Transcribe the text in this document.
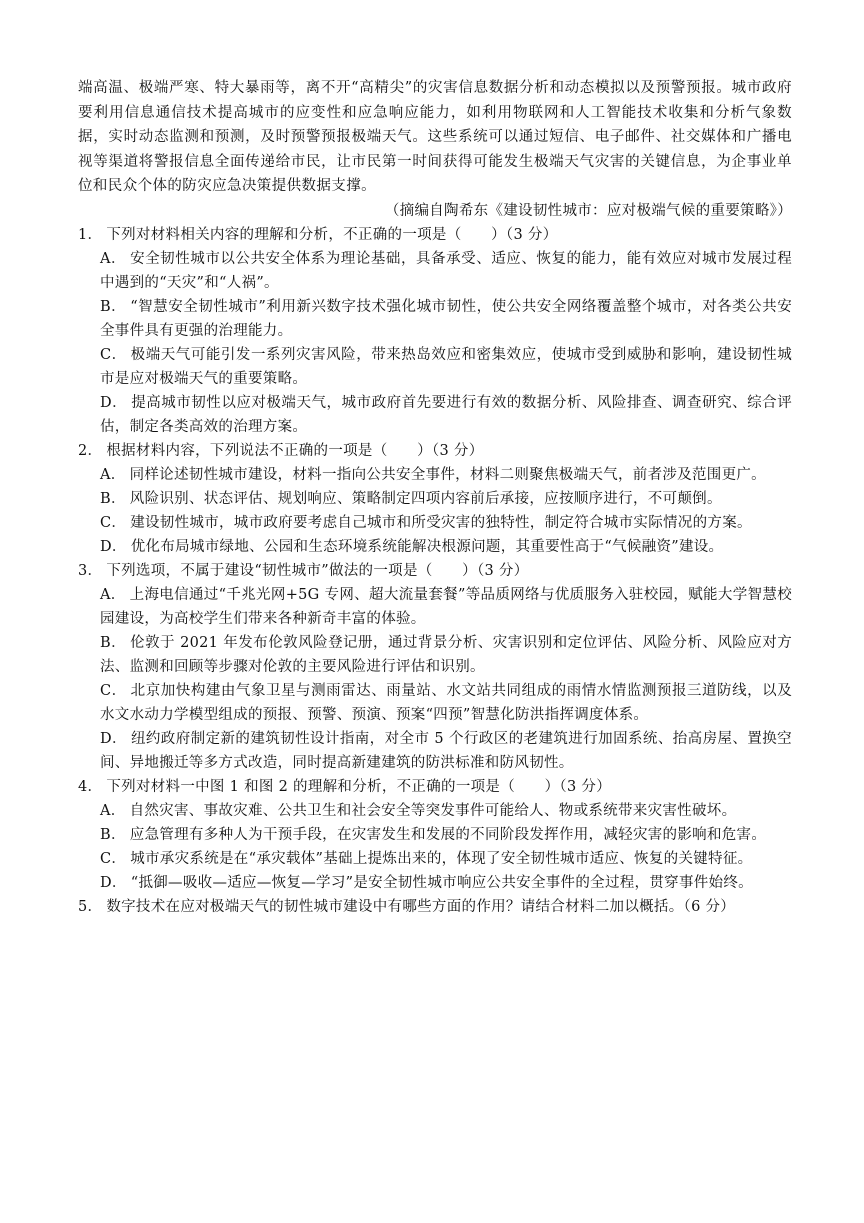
端高温、极端严寒、特大暴雨等，离不开“高精尖”的灾害信息数据分析和动态模拟以及预警预报。城市政府要利用信息通信技术提高城市的应变性和应急响应能力，如利用物联网和人工智能技术收集和分析气象数据，实时动态监测和预测，及时预警预报极端天气。这些系统可以通过短信、电子邮件、社交媒体和广播电视等渠道将警报信息全面传递给市民，让市民第一时间获得可能发生极端天气灾害的关键信息，为企事业单位和民众个体的防灾应急决策提供数据支撑。

（摘编自陶希东《建设韧性城市：应对极端气候的重要策略》）

1． 下列对材料相关内容的理解和分析，不正确的一项是（　　）（3 分）

A． 安全韧性城市以公共安全体系为理论基础，具备承受、适应、恢复的能力，能有效应对城市发展过程中遇到的“天灾”和“人祸”。
B． “智慧安全韧性城市”利用新兴数字技术强化城市韧性，使公共安全网络覆盖整个城市，对各类公共安全事件具有更强的治理能力。
C． 极端天气可能引发一系列灾害风险，带来热岛效应和密集效应，使城市受到威胁和影响，建设韧性城市是应对极端天气的重要策略。
D． 提高城市韧性以应对极端天气，城市政府首先要进行有效的数据分析、风险排查、调查研究、综合评估，制定各类高效的治理方案。

2． 根据材料内容，下列说法不正确的一项是（　　）（3 分）

A． 同样论述韧性城市建设，材料一指向公共安全事件，材料二则聚焦极端天气，前者涉及范围更广。
B． 风险识别、状态评估、规划响应、策略制定四项内容前后承接，应按顺序进行，不可颠倒。
C． 建设韧性城市，城市政府要考虑自己城市和所受灾害的独特性，制定符合城市实际情况的方案。
D． 优化布局城市绿地、公园和生态环境系统能解决根源问题，其重要性高于“气候融资”建设。

3． 下列选项，不属于建设“韧性城市”做法的一项是（　　）（3 分）

A． 上海电信通过“千兆光网+5G 专网、超大流量套餐”等品质网络与优质服务入驻校园，赋能大学智慧校园建设，为高校学生们带来各种新奇丰富的体验。
B． 伦敦于 2021 年发布伦敦风险登记册，通过背景分析、灾害识别和定位评估、风险分析、风险应对方法、监测和回顾等步骤对伦敦的主要风险进行评估和识别。
C． 北京加快构建由气象卫星与测雨雷达、雨量站、水文站共同组成的雨情水情监测预报三道防线，以及水文水动力学模型组成的预报、预警、预演、预案“四预”智慧化防洪指挥调度体系。
D． 纽约政府制定新的建筑韧性设计指南，对全市 5 个行政区的老建筑进行加固系统、抬高房屋、置换空间、异地搬迁等多方式改造，同时提高新建建筑的防洪标准和防风韧性。

4． 下列对材料一中图 1 和图 2 的理解和分析，不正确的一项是（　　）（3 分）

A． 自然灾害、事故灾难、公共卫生和社会安全等突发事件可能给人、物或系统带来灾害性破坏。
B． 应急管理有多种人为干预手段，在灾害发生和发展的不同阶段发挥作用，减轻灾害的影响和危害。
C． 城市承灾系统是在“承灾载体”基础上提炼出来的，体现了安全韧性城市适应、恢复的关键特征。
D． “抵御—吸收—适应—恢复—学习”是安全韧性城市响应公共安全事件的全过程，贯穿事件始终。

5． 数字技术在应对极端天气的韧性城市建设中有哪些方面的作用？请结合材料二加以概括。（6 分）
